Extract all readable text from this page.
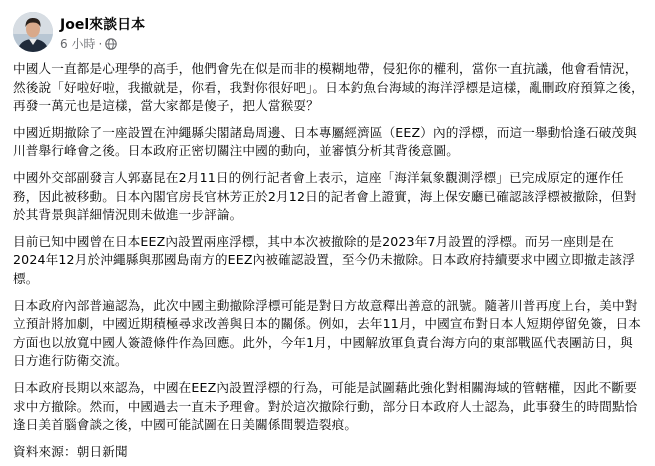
Joel來談日本
6 小時 ·

中國人一直都是心理學的高手，他們會先在似是而非的模糊地帶，侵犯你的權利，當你一直抗議，他會看情況，然後說「好啦好啦，我撤就是，你看，我對你很好吧」。日本釣魚台海域的海洋浮標是這樣，亂刪政府預算之後，再發一萬元也是這樣，當大家都是傻子，把人當猴耍？

中國近期撤除了一座設置在沖繩縣尖閣諸島周邊、日本專屬經濟區（EEZ）內的浮標，而這一舉動恰逢石破茂與川普舉行峰會之後。日本政府正密切關注中國的動向，並審慎分析其背後意圖。

中國外交部副發言人郭嘉昆在2月11日的例行記者會上表示，這座「海洋氣象觀測浮標」已完成原定的運作任務，因此被移動。日本內閣官房長官林芳正於2月12日的記者會上證實，海上保安廳已確認該浮標被撤除，但對於其背景與詳細情況則未做進一步評論。

目前已知中國曾在日本EEZ內設置兩座浮標，其中本次被撤除的是2023年7月設置的浮標。而另一座則是在2024年12月於沖繩縣與那國島南方的EEZ內被確認設置，至今仍未撤除。日本政府持續要求中國立即撤走該浮標。

日本政府內部普遍認為，此次中國主動撤除浮標可能是對日方故意釋出善意的訊號。隨著川普再度上台，美中對立預計將加劇，中國近期積極尋求改善與日本的關係。例如，去年11月，中國宣布對日本人短期停留免簽，日本方面也以放寬中國人簽證條件作為回應。此外，今年1月，中國解放軍負責台海方向的東部戰區代表團訪日，與日方進行防衛交流。

日本政府長期以來認為，中國在EEZ內設置浮標的行為，可能是試圖藉此強化對相關海域的管轄權，因此不斷要求中方撤除。然而，中國過去一直未予理會。對於這次撤除行動，部分日本政府人士認為，此事發生的時間點恰逢日美首腦會談之後，中國可能試圖在日美關係間製造裂痕。

資料來源：朝日新聞
